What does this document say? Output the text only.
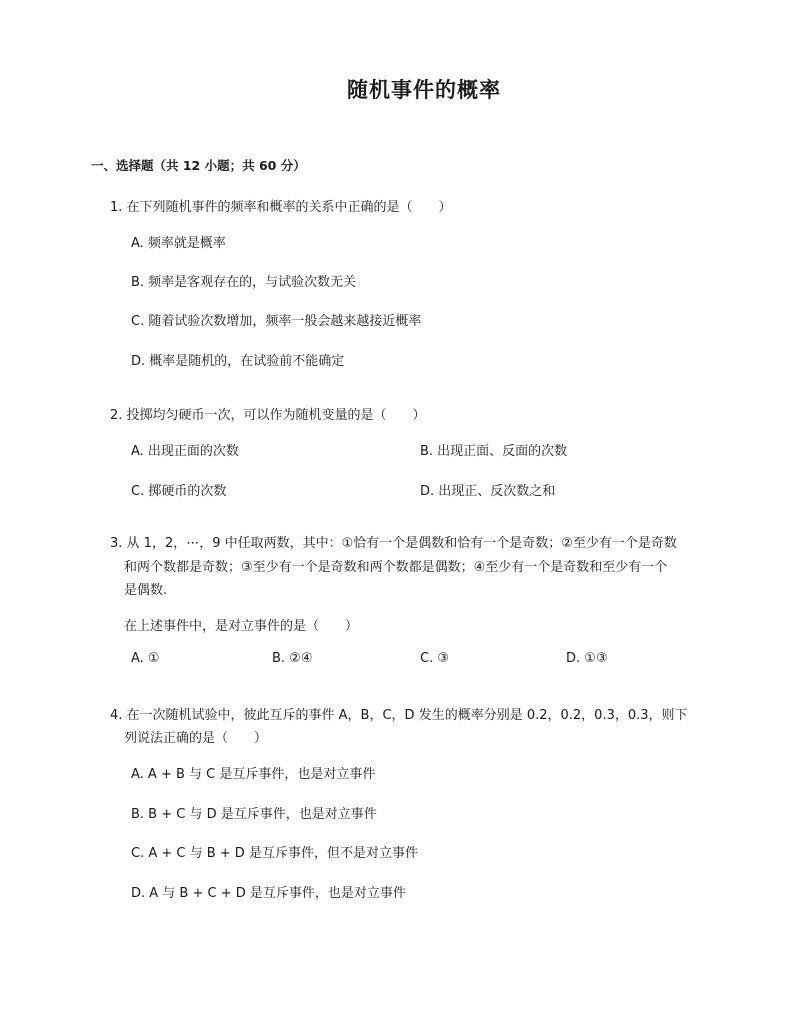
随机事件的概率
一、选择题（共 12 小题；共 60 分）
1. 在下列随机事件的频率和概率的关系中正确的是（　　）
A. 频率就是概率
B. 频率是客观存在的，与试验次数无关
C. 随着试验次数增加，频率一般会越来越接近概率
D. 概率是随机的，在试验前不能确定
2. 投掷均匀硬币一次，可以作为随机变量的是（　　）
A. 出现正面的次数	B. 出现正面、反面的次数
C. 掷硬币的次数	D. 出现正、反次数之和
3. 从 1，2，⋯，9 中任取两数，其中：①恰有一个是偶数和恰有一个是奇数；②至少有一个是奇数
和两个数都是奇数；③至少有一个是奇数和两个数都是偶数；④至少有一个是奇数和至少有一个
是偶数.
在上述事件中，是对立事件的是（　　）
A. ①	B. ②④	C. ③	D. ①③
4. 在一次随机试验中，彼此互斥的事件 A，B，C，D 发生的概率分别是 0.2，0.2，0.3，0.3，则下
列说法正确的是（　　）
A. A + B 与 C 是互斥事件，也是对立事件
B. B + C 与 D 是互斥事件，也是对立事件
C. A + C 与 B + D 是互斥事件，但不是对立事件
D. A 与 B + C + D 是互斥事件，也是对立事件
